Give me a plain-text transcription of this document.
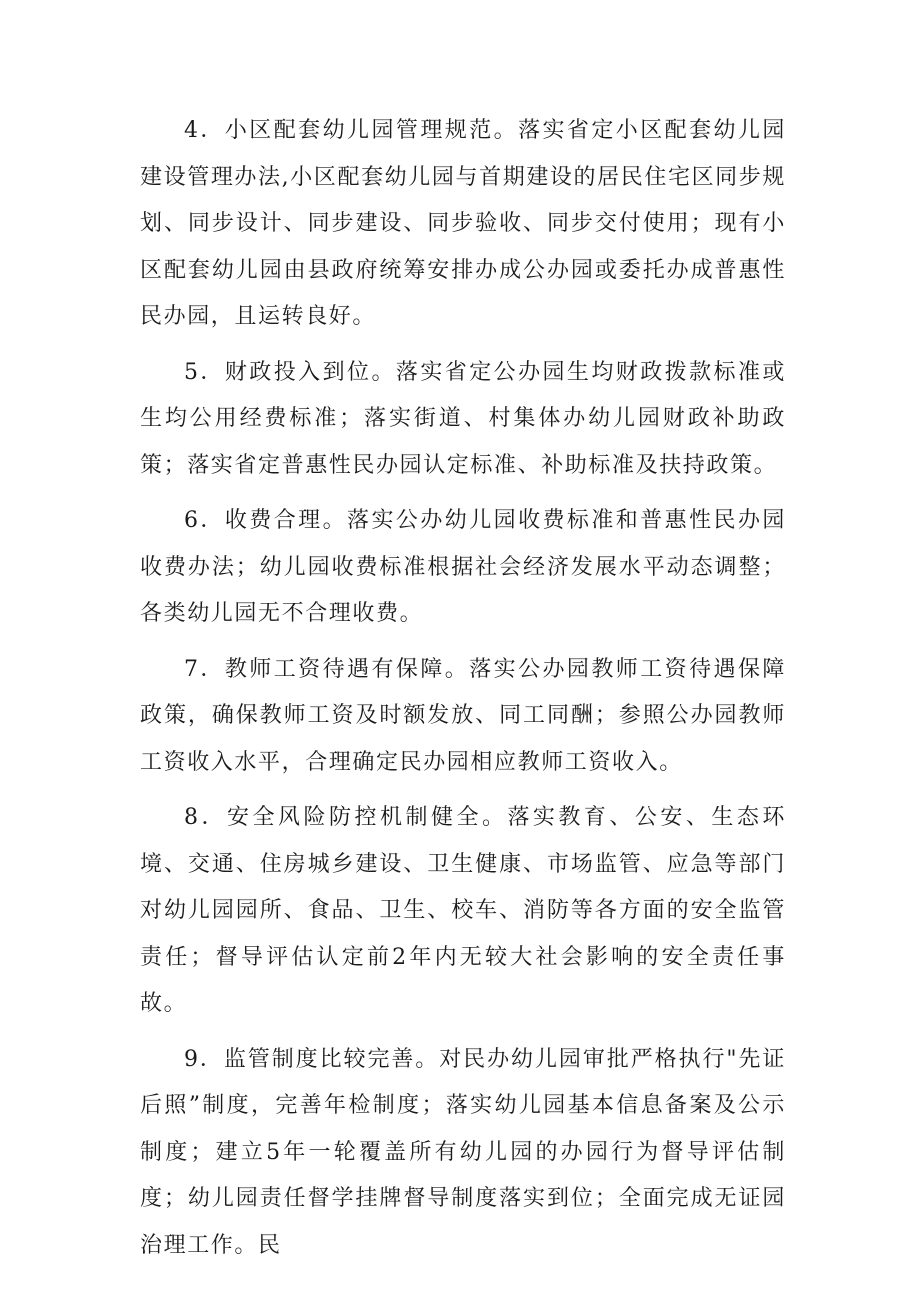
4．小区配套幼儿园管理规范。落实省定小区配套幼儿园建设管理办法,小区配套幼儿园与首期建设的居民住宅区同步规划、同步设计、同步建设、同步验收、同步交付使用；现有小区配套幼儿园由县政府统筹安排办成公办园或委托办成普惠性民办园，且运转良好。

5．财政投入到位。落实省定公办园生均财政拨款标准或生均公用经费标准；落实街道、村集体办幼儿园财政补助政策；落实省定普惠性民办园认定标准、补助标准及扶持政策。

6．收费合理。落实公办幼儿园收费标准和普惠性民办园收费办法；幼儿园收费标准根据社会经济发展水平动态调整；各类幼儿园无不合理收费。

7．教师工资待遇有保障。落实公办园教师工资待遇保障政策，确保教师工资及时额发放、同工同酬；参照公办园教师工资收入水平，合理确定民办园相应教师工资收入。

8．安全风险防控机制健全。落实教育、公安、生态环境、交通、住房城乡建设、卫生健康、市场监管、应急等部门对幼儿园园所、食品、卫生、校车、消防等各方面的安全监管责任；督导评估认定前2年内无较大社会影响的安全责任事故。

9．监管制度比较完善。对民办幼儿园审批严格执行"先证后照”制度，完善年检制度；落实幼儿园基本信息备案及公示制度；建立5年一轮覆盖所有幼儿园的办园行为督导评估制度；幼儿园责任督学挂牌督导制度落实到位；全面完成无证园治理工作。民
